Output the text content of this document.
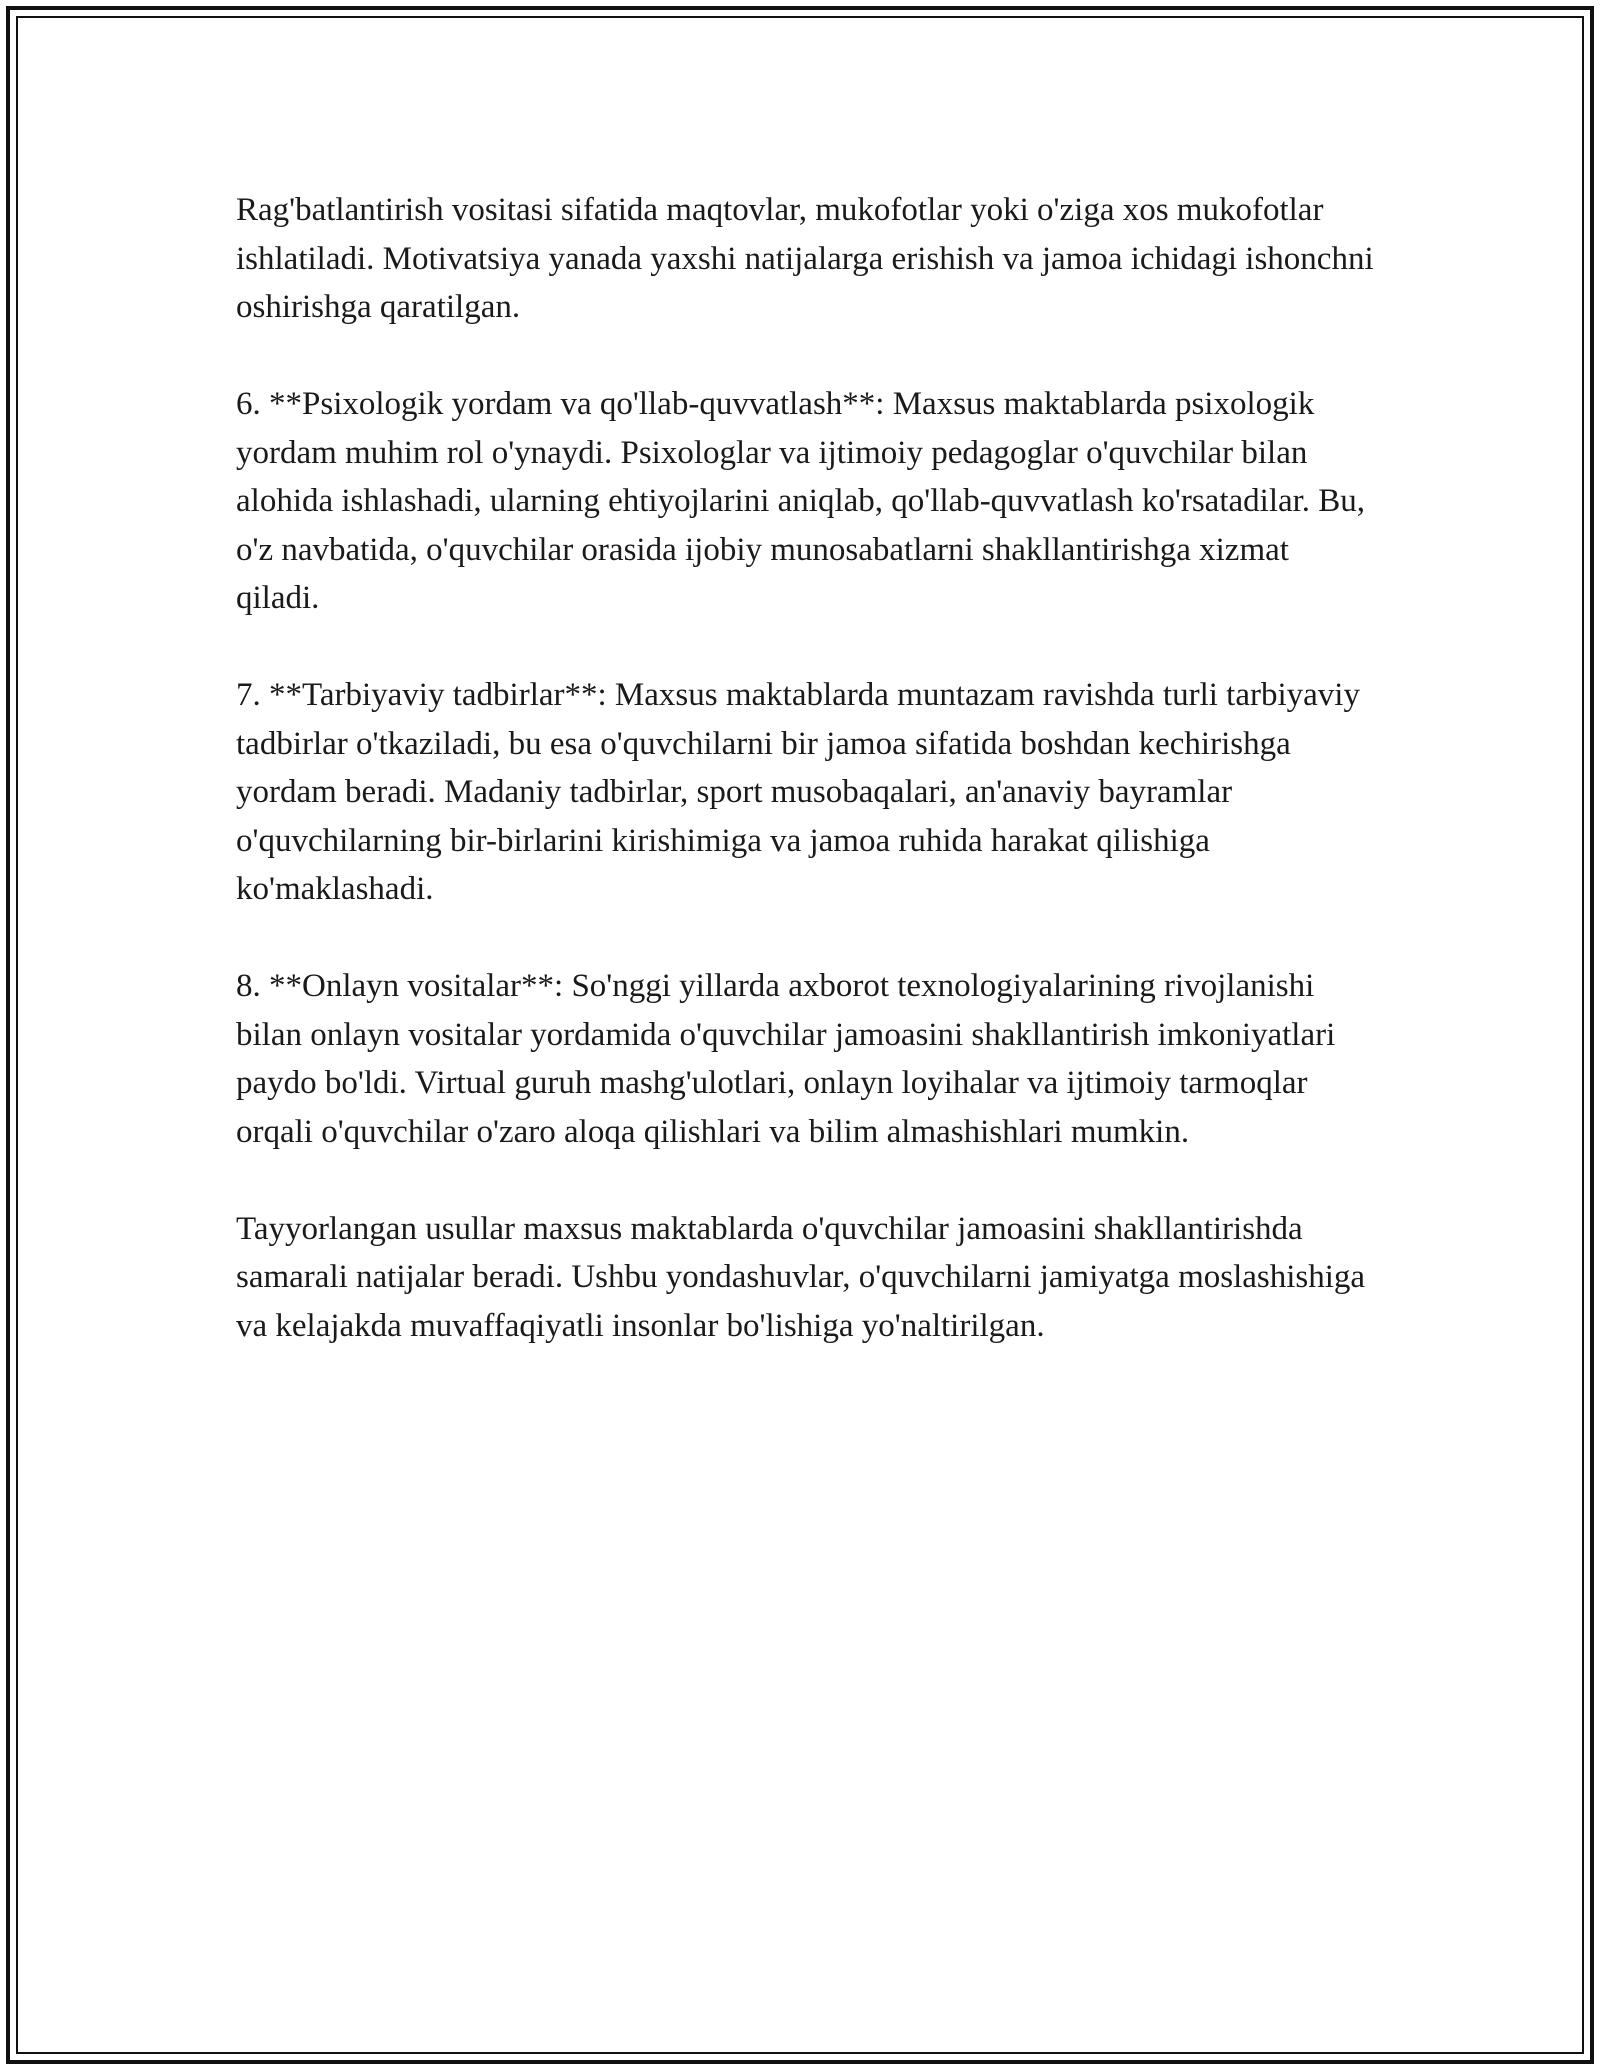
Rag'batlantirish vositasi sifatida maqtovlar, mukofotlar yoki o'ziga xos mukofotlar ishlatiladi. Motivatsiya yanada yaxshi natijalarga erishish va jamoa ichidagi ishonchni oshirishga qaratilgan.

6. **Psixologik yordam va qo'llab-quvvatlash**: Maxsus maktablarda psixologik yordam muhim rol o'ynaydi. Psixologlar va ijtimoiy pedagoglar o'quvchilar bilan alohida ishlashadi, ularning ehtiyojlarini aniqlab, qo'llab-quvvatlash ko'rsatadilar. Bu, o'z navbatida, o'quvchilar orasida ijobiy munosabatlarni shakllantirishga xizmat qiladi.

7. **Tarbiyaviy tadbirlar**: Maxsus maktablarda muntazam ravishda turli tarbiyaviy tadbirlar o'tkaziladi, bu esa o'quvchilarni bir jamoa sifatida boshdan kechirishga yordam beradi. Madaniy tadbirlar, sport musobaqalari, an'anaviy bayramlar o'quvchilarning bir-birlarini kirishimiga va jamoa ruhida harakat qilishiga ko'maklashadi.

8. **Onlayn vositalar**: So'nggi yillarda axborot texnologiyalarining rivojlanishi bilan onlayn vositalar yordamida o'quvchilar jamoasini shakllantirish imkoniyatlari paydo bo'ldi. Virtual guruh mashg'ulotlari, onlayn loyihalar va ijtimoiy tarmoqlar orqali o'quvchilar o'zaro aloqa qilishlari va bilim almashishlari mumkin.

Tayyorlangan usullar maxsus maktablarda o'quvchilar jamoasini shakllantirishda samarali natijalar beradi. Ushbu yondashuvlar, o'quvchilarni jamiyatga moslashishiga va kelajakda muvaffaqiyatli insonlar bo'lishiga yo'naltirilgan.
